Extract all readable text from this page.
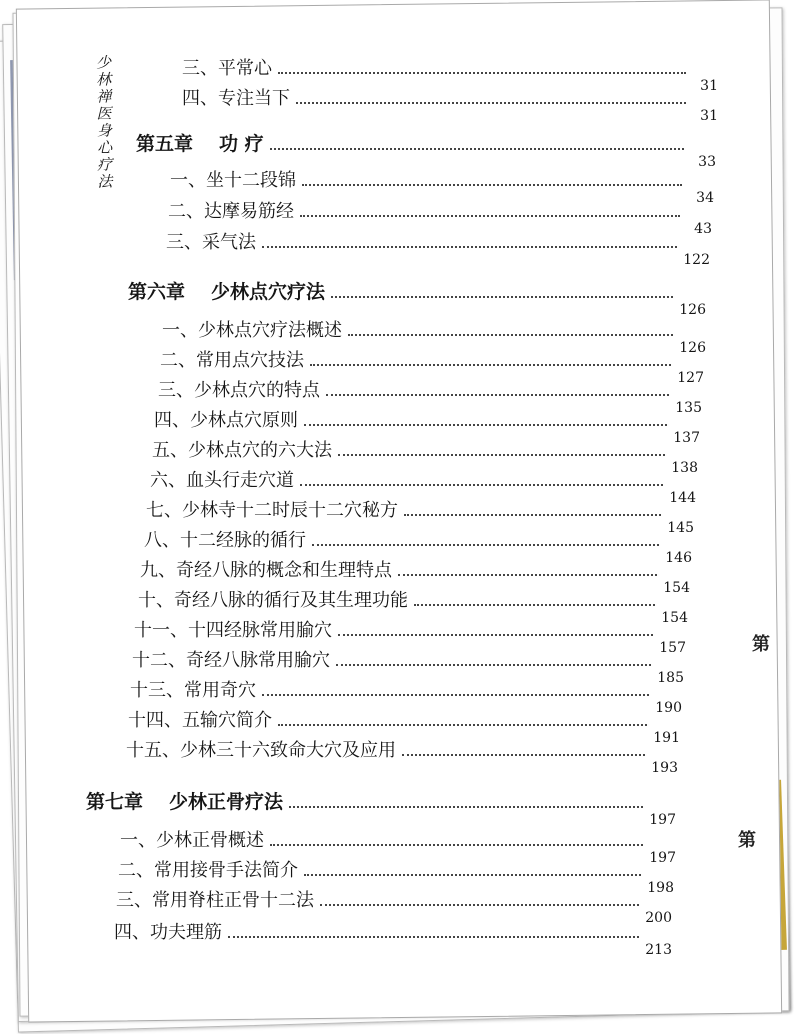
少林禅医身心疗法
第
第
三、平常心
31
四、专注当下
31
第五章 功 疗
33
一、坐十二段锦
34
二、达摩易筋经
43
三、采气法
122
第六章 少林点穴疗法
126
一、少林点穴疗法概述
126
二、常用点穴技法
127
三、少林点穴的特点
135
四、少林点穴原则
137
五、少林点穴的六大法
138
六、血头行走穴道
144
七、少林寺十二时辰十二穴秘方
145
八、十二经脉的循行
146
九、奇经八脉的概念和生理特点
154
十、奇经八脉的循行及其生理功能
154
十一、十四经脉常用腧穴
157
十二、奇经八脉常用腧穴
185
十三、常用奇穴
190
十四、五输穴简介
191
十五、少林三十六致命大穴及应用
193
第七章 少林正骨疗法
197
一、少林正骨概述
197
二、常用接骨手法简介
198
三、常用脊柱正骨十二法
200
四、功夫理筋
213
